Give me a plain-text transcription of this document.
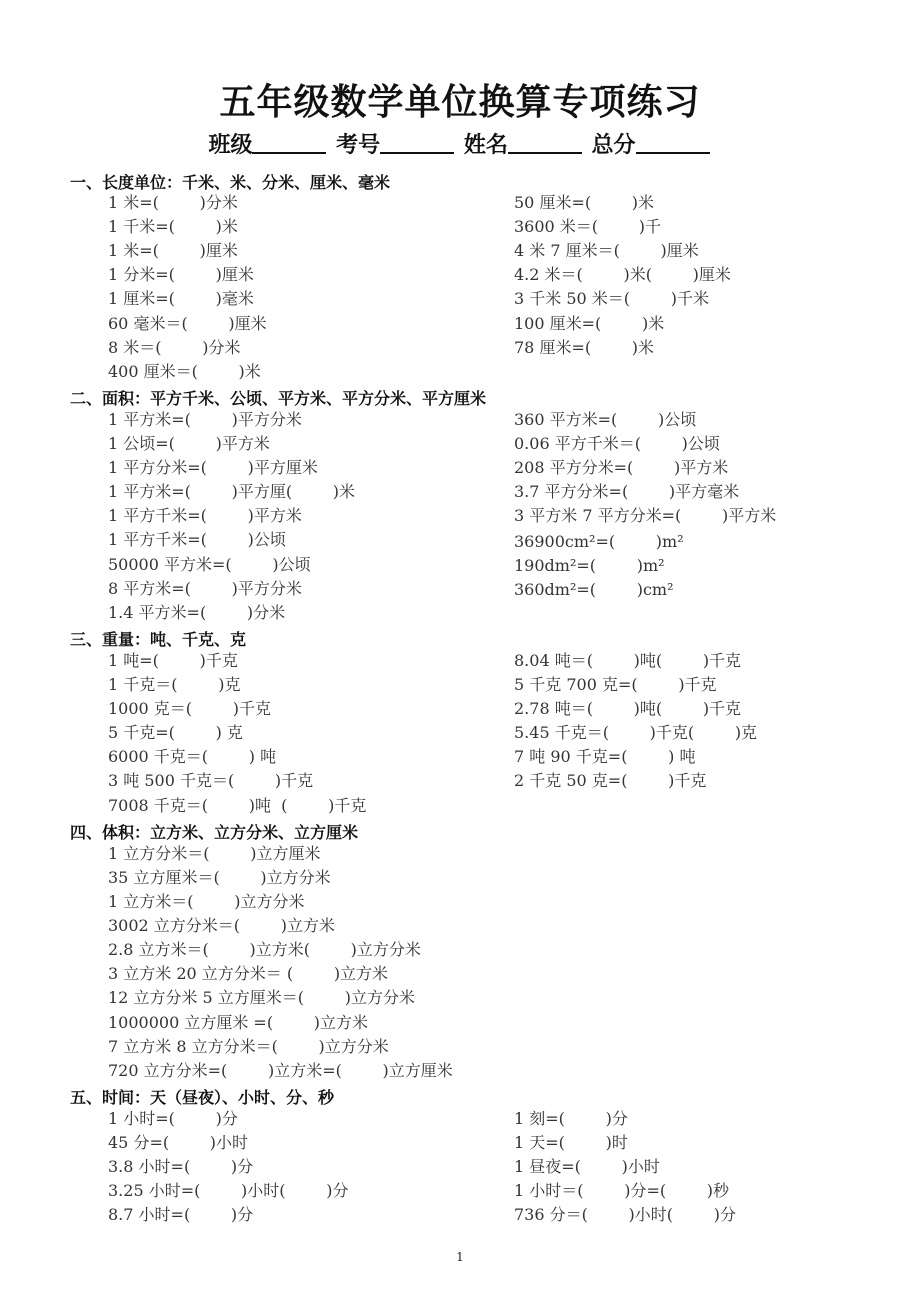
五年级数学单位换算专项练习
班级	考号	姓名	总分
一、长度单位：千米、米、分米、厘米、毫米
1 米=(        )分米
1 千米=(        )米
1 米=(        )厘米
1 分米=(        )厘米
1 厘米=(        )毫米
60 毫米＝(        )厘米
8 米＝(        )分米
400 厘米＝(        )米
50 厘米=(        )米
3600 米＝(        )千
4 米 7 厘米＝(        )厘米
4.2 米＝(        )米(        )厘米
3 千米 50 米＝(        )千米
100 厘米=(        )米
78 厘米=(        )米
二、面积：平方千米、公顷、平方米、平方分米、平方厘米
1 平方米=(        )平方分米
1 公顷=(        )平方米
1 平方分米=(        )平方厘米
1 平方米=(        )平方厘(        )米
1 平方千米=(        )平方米
1 平方千米=(        )公顷
50000 平方米=(        )公顷
8 平方米=(        )平方分米
1.4 平方米=(        )分米
360 平方米=(        )公顷
0.06 平方千米＝(        )公顷
208 平方分米=(        )平方米
3.7 平方分米=(        )平方毫米
3 平方米 7 平方分米=(        )平方米
36900cm²=(        )m²
190dm²=(        )m²
360dm²=(        )cm²
三、重量：吨、千克、克
1 吨=(        )千克
1 千克＝(        )克
1000 克＝(        )千克
5 千克=(        ) 克
6000 千克＝(        ) 吨
3 吨 500 千克＝(        )千克
7008 千克＝(        )吨  (        )千克
8.04 吨＝(        )吨(        )千克
5 千克 700 克=(        )千克
2.78 吨＝(        )吨(        )千克
5.45 千克＝(        )千克(        )克
7 吨 90 千克=(        ) 吨
2 千克 50 克=(        )千克
四、体积：立方米、立方分米、立方厘米
1 立方分米＝(        )立方厘米
35 立方厘米＝(        )立方分米
1 立方米＝(        )立方分米
3002 立方分米＝(        )立方米
2.8 立方米＝(        )立方米(        )立方分米
3 立方米 20 立方分米＝ (        )立方米
12 立方分米 5 立方厘米＝(        )立方分米
1000000 立方厘米 =(        )立方米
7 立方米 8 立方分米＝(        )立方分米
720 立方分米=(        )立方米=(        )立方厘米
五、时间：天（昼夜）、小时、分、秒
1 小时=(        )分
45 分=(        )小时
3.8 小时=(        )分
3.25 小时=(        )小时(        )分
8.7 小时=(        )分
1 刻=(        )分
1 天=(        )时
1 昼夜=(        )小时
1 小时＝(        )分=(        )秒
736 分＝(        )小时(        )分
1
